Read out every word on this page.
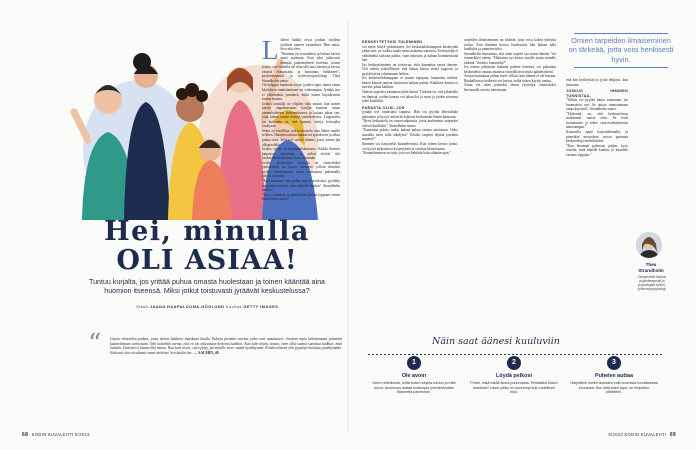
L iikeni kaikki oivat jonkun itselleni jyräävät nuoren vastaukset. Hän sanoi: kiva että olen.

"Ihminen on sosiaalinen ja haluaa kertoa omia asioitaan. Kun joku jatkuvasti kääntää puheenaiheen itseensä, toinen kokee, ettei hänellä ole tilaa olla oma itsensä ja kertoa omasta elämästään, ja luottamus heikkenee", psykoterapeutti ja työterveyspsykologi Thea Strandholm sanoo.

On helppoa huomata toisen jyräävä tapa, mutta oman käytöksen tunnistaminen on vaikeampaa. Jyrääjä itse ei välttämättä ymmärrä, miltä hänen käytöksensä tuntuu muista.

Joskus taustalla on vilpitön halu auttaa: kun toinen kertoo ongelmastaan, kuulija muistaa oman samankaltaisen kokemuksensa ja haluaa jakaa sen, jotta toinen tuntisi itsensä ymmärretyksi. Lopputulos on kuitenkin se, että huomio siirtyy kertojalta kuulijaan.

Sekin on tavallista, että keskustelu vain lähtee omille teilleen. Ihminen tarttuu sanaan tai ajatukseen ja alkaa puhua siitä. Siitä voi syntyä tilanne, jossa toinen jää ulkopuolelle.

Joskus syynä on huomionhakuisuus. Kaikki ihmiset kaipaavat huomiota, ja jotkut etsivät sitä keskustelutilanteissa toisia enemmän.

Joskus jyräämisen taustalla on esimerkiksi epävarmuus tai huono itsetunto, jolloin ihminen pyrkii vahvistamaan omaa asemaansa puhumalla paljon itsestään.

"Kun huomaat, että puhut omista asioistasi, pysähdy kysymään toiselta, mitä hänelle kuuluu", Strandholm neuvoo.

"Kysy, kuuntele ja anna toisen puhua loppuun ennen kuin kerrot omasi."

Hei, minulla
OLI ASIAA!
Tuntuu kurjalta, jos yrittää puhua omasta huolestaan ja toinen kääntää aina huomion itseensä. Miksi jotkut toistuvasti jyräävät keskustelussa?
Teksti JAANA HAAPALUOMA-HÖGLUND Kuvitus GETTY IMAGES
“ Löysin viimeinkin paikan, jossa tärisin lääkärin muiskaan kuulla. Puhuin pientäni vaiettu, jotka ovat muuttuneet. Jouduin myös kehottamaan ystäviäni kuuntelemaan tarinoitani. Olin kuitenkin varma, että en ole oikeastaan kertonut kaikkea. Kun tulin kotiin, tunsin, etten ollut saanut sanottua kaikkea, mitä halusin. Ystäväni ei kuunnellut minua. Kun koin itseni, etten pysty, jäi minulle tarve saada hyväksyntää. Konkreettisesti olin pyytänyt kuulijaa pysähtymään. Siitä asti olen oivaltanut oman tärkeäni. Sen kuulin itse. — SALMIN, 46
68 KODIN KUVALEHTI 9/2023
KESKEYTETYKSI TULEMINEN

voi myös liittyä jyräämiseen. Jos keskustelukumppani keskeyttää jatkuvasti, on vaikea saada omaa asiaansa sanottua. Keskeyttäjä ei välttämättä tarkoita pahaa, vaan innostuu ja haluaa kommentoida heti.

Jos keskeyttäminen on toistuvaa, siitä kannattaa sanoa ääneen. Voit todeta ystävällisesti, että haluat kertoa asiasi loppuun, ja pyytää toista odottamaan hetken.

Jos keskustelukumppani ei muuta tapojaan, kannattaa miettiä, kenen kanssa omista asioistaan haluaa puhua. Kaikkien kanssa ei tarvitse jakaa kaikkea.

Omista tarpeista kannattaa pitää kiinni. Tärkeää on, että jokaisella on ihmisiä, joiden kanssa voi jakaa ilot ja surut ja joiden seurassa tulee kuulluksi.

PARASTA OLISI, JOS

jyrääjä itse tunnistaisi tapansa. Hän voi pyytää läheisiltään palautetta ja kysyä, miten he kokevat keskustelut hänen kanssaan.

"Hyvä keskustelu on vuorovaikutusta, jossa molemmat osapuolet tulevat kuulluksi", Strandholm sanoo.

"Kannattaa pohtia, miksi haluaa puhua omista asioistaan. Onko taustalla tarve tulla nähdyksi? Voisiko tarpeen täyttää jotenkin muuten?"

Ihminen voi harjoitella kuuntelemista. Kun toinen kertoo jotain, voi kysyä tarkentavia kysymyksiä ja osoittaa kiinnostusta.

"Kuunteleminen on taito, jota voi kehittää koko elämän ajan."

tarpeiden ilmaiseminen on tärkeää, jotta voisi kokea yhteyttä toisiin. Kun ihminen kertoo huolestaan, hän haluaa tulla kuulluksi ja ymmärretyksi.

Strandholm muistuttaa, että omat tarpeet saa sanoa ääneen. Voi esimerkiksi todeta: "Haluaisin nyt kertoa sinulle jotain minulle tärkeää. Voisitko kuunnella?"

Jos toinen jatkuvasti kääntää puheen itseensä, voi palauttaa keskustelun omaan asiaansa ystävällisesti mutta päättäväisesti.

Asiasta kannattaa puhua myös silloin, kun tilanne ei ole kuuma. Rauhallisessa hetkessä voi kertoa, miltä toisen käytös tuntuu.

Asian voi ottaa puheeksi ilman syyttelyä, esimerkiksi kertomalla omista tunteistaan.

Omien tarpeiden ilmaiseminen on tärkeää, jotta voisi henkisesti hyvin.

että hän keskeyttää ja jyrää helposti, kun innostuu.

JOSKUS IHMINEN TUNNISTAA,

"Silloin voi pyytää muita sanomaan, jos huomaavat sen. Se auttaa tunnistamaan omaa käytöstä", Strandholm sanoo.

"Tärkeintä on, että keskustelussa molemmat saavat tilaa. Se lisää luottamusta ja tekee vuorovaikutuksesta antoisampaa."

Kuunnella oppii harjoittelemalla, ja pienetkin muutokset voivat parantaa keskusteluja merkittävästi.

"Kun huomaat puhuvasi paljon, kysy toiselta, mitä hänelle kuuluu, ja kuuntele vastaus loppuun."

Thea
Strandholm
Tampereella toimiva psykoterapeutti ja psykologian tohtori, työterveyspsykologi.
Näin saat äänesi kuuluviin
1
Ole avoin
Kerro rehellisesti, miltä toisen käytös tuntuu ja mitä toivot. Avoimuus auttaa molempia ymmärtämään tilannetta paremmin.
2
Löydä pelkosi
Pohdi, mikä estää sinua puhumasta. Pelkäätkö toisen reaktiota? Usein pelko on suurempi kuin todellinen riski.
3
Puhelee auttaa
Harjoittele omien asioiden esiin tuomista turvallisessa seurassa. Kun siitä tulee tapa, se helpottuu vähitellen.
9/2023 KODIN KUVALEHTI 69
